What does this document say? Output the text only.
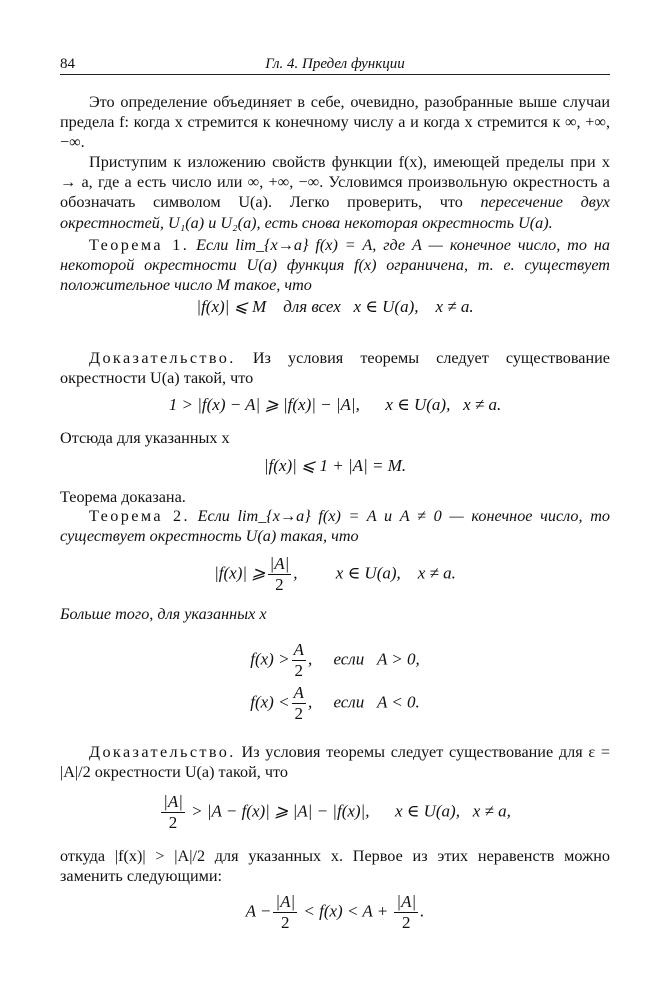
84	Гл. 4. Предел функции
Это определение объединяет в себе, очевидно, разобранные выше случаи предела f: когда x стремится к конечному числу a и когда x стремится к ∞, +∞, −∞.
Приступим к изложению свойств функции f(x), имеющей пределы при x → a, где a есть число или ∞, +∞, −∞. Условимся произвольную окрестность a обозначать символом U(a). Легко проверить, что пересечение двух окрестностей, U₁(a) и U₂(a), есть снова некоторая окрестность U(a).
Теорема 1. Если lim_{x→a} f(x) = A, где A — конечное число, то на некоторой окрестности U(a) функция f(x) ограничена, т. е. существует положительное число M такое, что
|f(x)| ⩽ M для всех x ∈ U(a),    x ≠ a.
Доказательство. Из условия теоремы следует существование окрестности U(a) такой, что
1 > |f(x) − A| ⩾ |f(x)| − |A|,      x ∈ U(a),   x ≠ a.
Отсюда для указанных x
|f(x)| ⩽ 1 + |A| = M.
Теорема доказана.
Теорема 2. Если lim_{x→a} f(x) = A и A ≠ 0 — конечное число, то существует окрестность U(a) такая, что
|f(x)| ⩾ $\frac{|A|}{2}$ ,         x ∈ U(a),    x ≠ a.
Больше того, для указанных x
$f(x) > \frac{A}{2}$ ,     если   A > 0,
$f(x) < \frac{A}{2}$ ,     если   A < 0.
Доказательство. Из условия теоремы следует существование для ε = |A|/2 окрестности U(a) такой, что
$\frac{|A|}{2} > |A - f(x)|$ ⩾ |A| − |f(x)|,      x ∈ U(a),   x ≠ a,
откуда |f(x)| > |A|/2 для указанных x. Первое из этих неравенств можно заменить следующими:
$A - \frac{|A|}{2} < f(x) < A + \frac{|A|}{2}$ .
